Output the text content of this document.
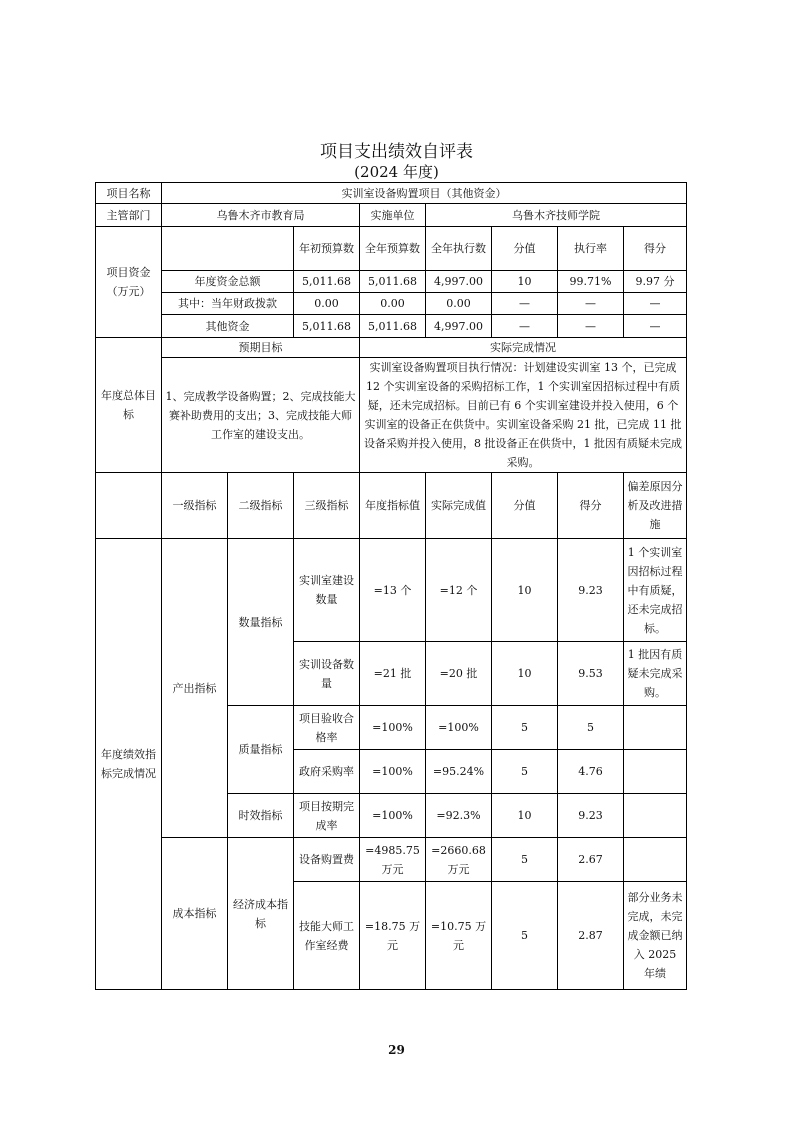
项目支出绩效自评表
(2024 年度)
项目名称	实训室设备购置项目（其他资金）							
主管部门	乌鲁木齐市教育局			实施单位	乌鲁木齐技师学院			
项目资金（万元）			年初预算数	全年预算数	全年执行数	分值	执行率	得分
	年度资金总额		5,011.68	5,011.68	4,997.00	10	99.71%	9.97 分
	其中：当年财政拨款		0.00	0.00	0.00	—	—	—
	其他资金		5,011.68	5,011.68	4,997.00	—	—	—
年度总体目标	预期目标			实际完成情况				
	1、完成教学设备购置；2、完成技能大赛补助费用的支出；3、完成技能大师工作室的建设支出。			实训室设备购置项目执行情况：计划建设实训室 13 个，已完成 12 个实训室设备的采购招标工作，1 个实训室因招标过程中有质疑，还未完成招标。目前已有 6 个实训室建设并投入使用，6 个实训室的设备正在供货中。实训室设备采购 21 批，已完成 11 批设备采购并投入使用，8 批设备正在供货中，1 批因有质疑未完成采购。				
	一级指标	二级指标	三级指标	年度指标值	实际完成值	分值	得分	偏差原因分析及改进措施
年度绩效指标完成情况	产出指标	数量指标	实训室建设数量	=13 个	=12 个	10	9.23	1 个实训室因招标过程中有质疑，还未完成招标。
			实训设备数量	=21 批	=20 批	10	9.53	1 批因有质疑未完成采购。
		质量指标	项目验收合格率	=100%	=100%	5	5	
			政府采购率	=100%	=95.24%	5	4.76	
		时效指标	项目按期完成率	=100%	=92.3%	10	9.23	
	成本指标	经济成本指标	设备购置费	=4985.75 万元	=2660.68 万元	5	2.67	
			技能大师工作室经费	=18.75 万元	=10.75 万元	5	2.87	部分业务未完成，未完成金额已纳入 2025 年绩
29
